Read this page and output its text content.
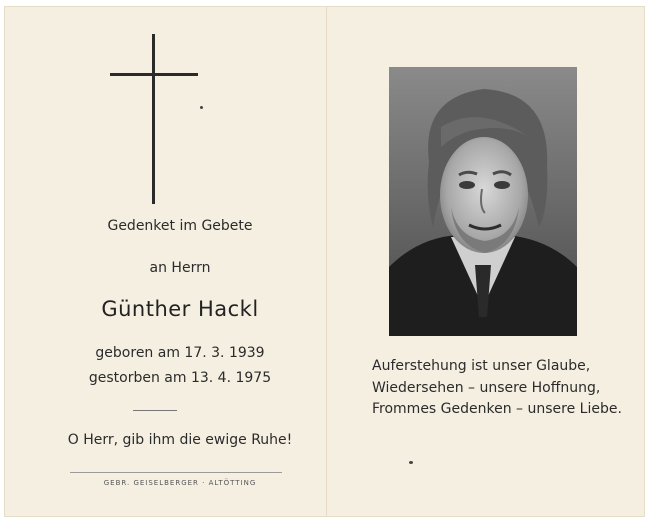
Gedenket im Gebete
an Herrn
Günther Hackl
geboren am 17. 3. 1939
gestorben am 13. 4. 1975
O Herr, gib ihm die ewige Ruhe!
GEBR. GEISELBERGER · ALTÖTTING
Auferstehung ist unser Glaube,
Wiedersehen – unsere Hoffnung,
Frommes Gedenken – unsere Liebe.
